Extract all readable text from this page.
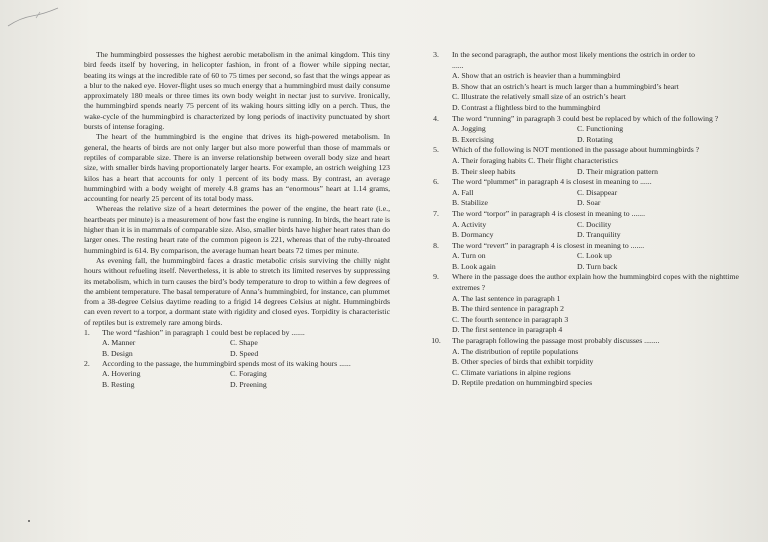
The hummingbird possesses the highest aerobic metabolism in the animal kingdom. This tiny bird feeds itself by hovering, in helicopter fashion, in front of a flower while sipping nectar, beating its wings at the incredible rate of 60 to 75 times per second, so fast that the wings appear as a blur to the naked eye. Hover-flight uses so much energy that a hummingbird must daily consume approximately 180 meals or three times its own body weight in nectar just to survive. Ironically, the hummingbird spends nearly 75 percent of its waking hours sitting idly on a perch. Thus, the wake-cycle of the hummingbird is characterized by long periods of inactivity punctuated by short bursts of intense foraging.

The heart of the hummingbird is the engine that drives its high-powered metabolism. In general, the hearts of birds are not only larger but also more powerful than those of mammals or reptiles of comparable size. There is an inverse relationship between overall body size and heart size, with smaller birds having proportionately larger hearts. For example, an ostrich weighing 123 kilos has a heart that accounts for only 1 percent of its body mass. By contrast, an average hummingbird with a body weight of merely 4.8 grams has an “enormous” heart at 1.14 grams, accounting for nearly 25 percent of its total body mass.

Whereas the relative size of a heart determines the power of the engine, the heart rate (i.e., heartbeats per minute) is a measurement of how fast the engine is running. In birds, the heart rate is higher than it is in mammals of comparable size. Also, smaller birds have higher heart rates than do larger ones. The resting heart rate of the common pigeon is 221, whereas that of the ruby-throated hummingbird is 614. By comparison, the average human heart beats 72 times per minute.

As evening fall, the hummingbird faces a drastic metabolic crisis surviving the chilly night hours without refueling itself. Nevertheless, it is able to stretch its limited reserves by suppressing its metabolism, which in turn causes the bird’s body temperature to drop to within a few degrees of the ambient temperature. The basal temperature of Anna’s hummingbird, for instance, can plummet from a 38-degree Celsius daytime reading to a frigid 14 degrees Celsius at night. Hummingbirds can even revert to a torpor, a dormant state with rigidity and closed eyes. Torpidity is characteristic of reptiles but is extremely rare among birds.

1.	The word “fashion” in paragraph 1 could best be replaced by .......
A. Manner	C. Shape
B. Design	D. Speed
2.	According to the passage, the hummingbird spends most of its waking hours ......
A. Hovering	C. Foraging
B. Resting	D. Preening
3.	In the second paragraph, the author most likely mentions the ostrich in order to
......
A. Show that an ostrich is heavier than a hummingbird
B. Show that an ostrich’s heart is much larger than a hummingbird’s heart
C. Illustrate the relatively small size of an ostrich’s heart
D. Contrast a flightless bird to the hummingbird
4.	The word “running” in paragraph 3 could best be replaced by which of the following ?
A. Jogging	C. Functioning
B. Exercising	D. Rotating
5.	Which of the following is NOT mentioned in the passage about hummingbirds ?
A. Their foraging habits C. Their flight characteristics
B. Their sleep habits	D. Their migration pattern
6.	The word “plummet” in paragraph 4 is closest in meaning to ......
A. Fall	C. Disappear
B. Stabilize	D. Soar
7.	The word “torpor” in paragraph 4 is closest in meaning to .......
A. Activity	C. Docility
B. Dormancy	D. Tranquility
8.	The word “revert” in paragraph 4 is closest in meaning to .......
A. Turn on	C. Look up
B. Look again	D. Turn back
9.	Where in the passage does the author explain how the hummingbird copes with the nighttime extremes ?
A. The last sentence in paragraph 1
B. The third sentence in paragraph 2
C. The fourth sentence in paragraph 3
D. The first sentence in paragraph 4
10.	The paragraph following the passage most probably discusses ........
A. The distribution of reptile populations
B. Other species of birds that exhibit torpidity
C. Climate variations in alpine regions
D. Reptile predation on hummingbird species
